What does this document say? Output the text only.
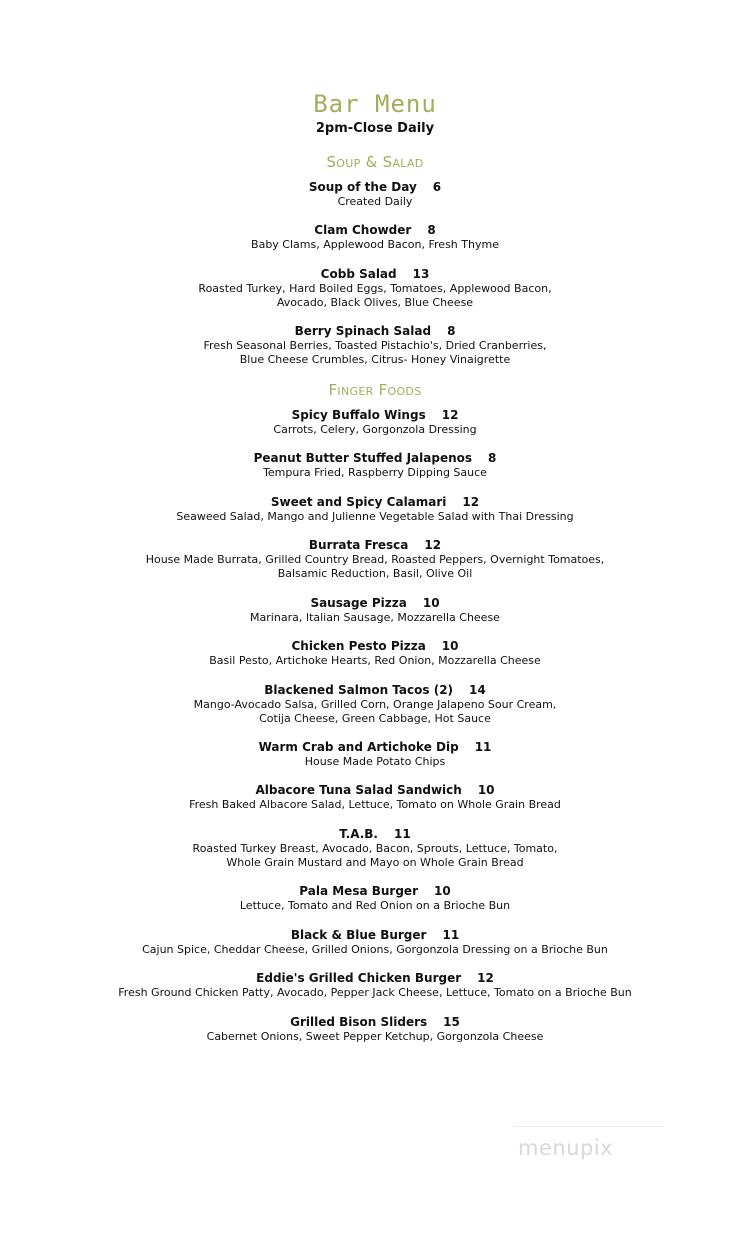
Bar Menu
2pm-Close Daily
Soup & Salad
Soup of the Day 6
Created Daily
Clam Chowder 8
Baby Clams, Applewood Bacon, Fresh Thyme
Cobb Salad 13
Roasted Turkey, Hard Boiled Eggs, Tomatoes, Applewood Bacon,
Avocado, Black Olives, Blue Cheese
Berry Spinach Salad 8
Fresh Seasonal Berries, Toasted Pistachio's, Dried Cranberries,
Blue Cheese Crumbles, Citrus- Honey Vinaigrette
Finger Foods
Spicy Buffalo Wings 12
Carrots, Celery, Gorgonzola Dressing
Peanut Butter Stuffed Jalapenos 8
Tempura Fried, Raspberry Dipping Sauce
Sweet and Spicy Calamari 12
Seaweed Salad, Mango and Julienne Vegetable Salad with Thai Dressing
Burrata Fresca 12
House Made Burrata, Grilled Country Bread, Roasted Peppers, Overnight Tomatoes,
Balsamic Reduction, Basil, Olive Oil
Sausage Pizza 10
Marinara, Italian Sausage, Mozzarella Cheese
Chicken Pesto Pizza 10
Basil Pesto, Artichoke Hearts, Red Onion, Mozzarella Cheese
Blackened Salmon Tacos (2) 14
Mango-Avocado Salsa, Grilled Corn, Orange Jalapeno Sour Cream,
Cotija Cheese, Green Cabbage, Hot Sauce
Warm Crab and Artichoke Dip 11
House Made Potato Chips
Albacore Tuna Salad Sandwich 10
Fresh Baked Albacore Salad, Lettuce, Tomato on Whole Grain Bread
T.A.B. 11
Roasted Turkey Breast, Avocado, Bacon, Sprouts, Lettuce, Tomato,
Whole Grain Mustard and Mayo on Whole Grain Bread
Pala Mesa Burger 10
Lettuce, Tomato and Red Onion on a Brioche Bun
Black & Blue Burger 11
Cajun Spice, Cheddar Cheese, Grilled Onions, Gorgonzola Dressing on a Brioche Bun
Eddie's Grilled Chicken Burger 12
Fresh Ground Chicken Patty, Avocado, Pepper Jack Cheese, Lettuce, Tomato on a Brioche Bun
Grilled Bison Sliders 15
Cabernet Onions, Sweet Pepper Ketchup, Gorgonzola Cheese
menupix
